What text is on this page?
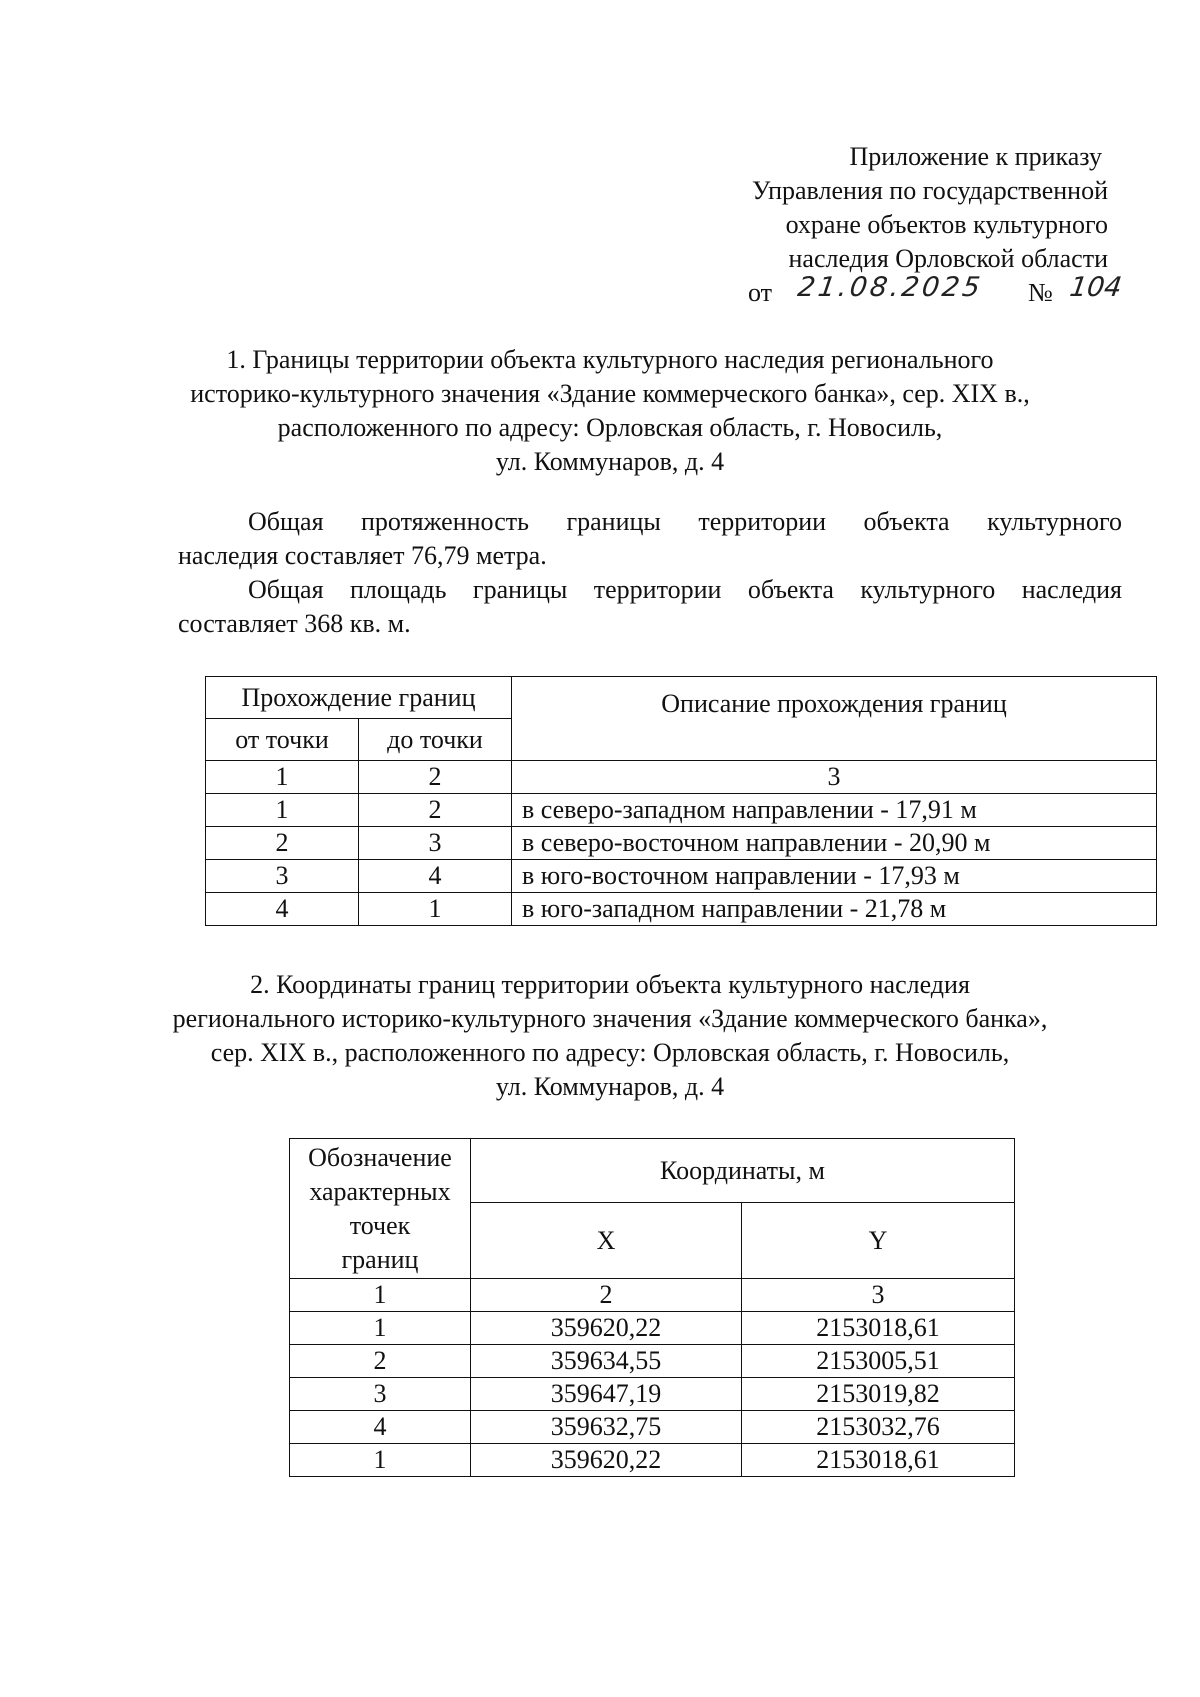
Приложение к приказу
Управления по государственной
охране объектов культурного
наследия Орловской области
от 21.08.2025 № 104
1. Границы территории объекта культурного наследия регионального
историко-культурного значения «Здание коммерческого банка», сер. XIX в.,
расположенного по адресу: Орловская область, г. Новосиль,
ул. Коммунаров, д. 4
Общая протяженность границы территории объекта культурного
наследия составляет 76,79 метра.
Общая площадь границы территории объекта культурного наследия
составляет 368 кв. м.
Прохождение границ		Описание прохождения границ
от точки	до точки	
1	2	3
1	2	в северо-западном направлении - 17,91 м
2	3	в северо-восточном направлении - 20,90 м
3	4	в юго-восточном направлении - 17,93 м
4	1	в юго-западном направлении - 21,78 м
2. Координаты границ территории объекта культурного наследия
регионального историко-культурного значения «Здание коммерческого банка»,
сер. XIX в., расположенного по адресу: Орловская область, г. Новосиль,
ул. Коммунаров, д. 4
Обозначение
характерных
точек
границ	Координаты, м	
	X	Y
1	2	3
1	359620,22	2153018,61
2	359634,55	2153005,51
3	359647,19	2153019,82
4	359632,75	2153032,76
1	359620,22	2153018,61
